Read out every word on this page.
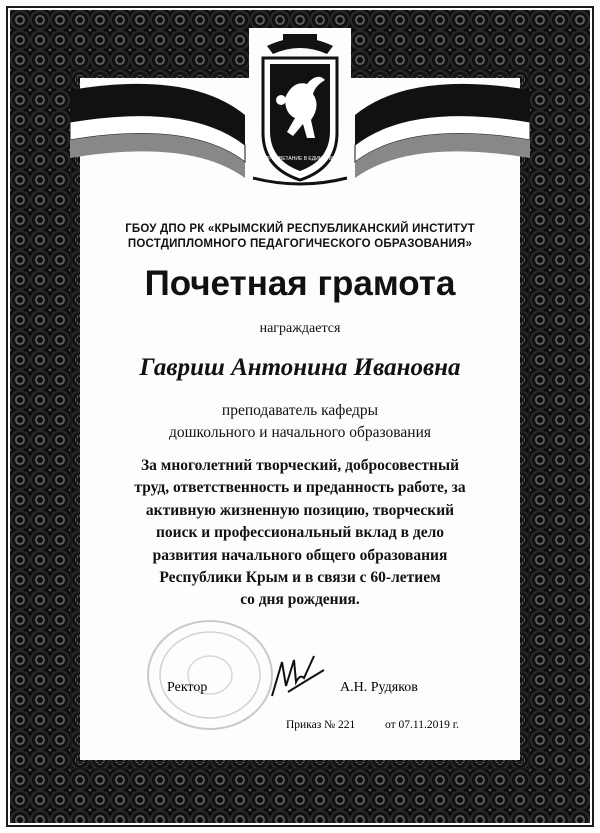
ПРОЦВЕТАНИЕ В ЕДИНСТВЕ
ГБОУ ДПО РК «КРЫМСКИЙ РЕСПУБЛИКАНСКИЙ ИНСТИТУТ
ПОСТДИПЛОМНОГО ПЕДАГОГИЧЕСКОГО ОБРАЗОВАНИЯ»
Почетная грамота
награждается
Гавриш Антонина Ивановна
преподаватель кафедры
дошкольного и начального образования
За многолетний творческий, добросовестный
труд, ответственность и преданность работе, за
активную жизненную позицию, творческий
поиск и профессиональный вклад в дело
развития начального общего образования
Республики Крым и в связи с 60-летием
со дня рождения.
Ректор	А.Н. Рудяков
Приказ № 221	от 07.11.2019 г.
